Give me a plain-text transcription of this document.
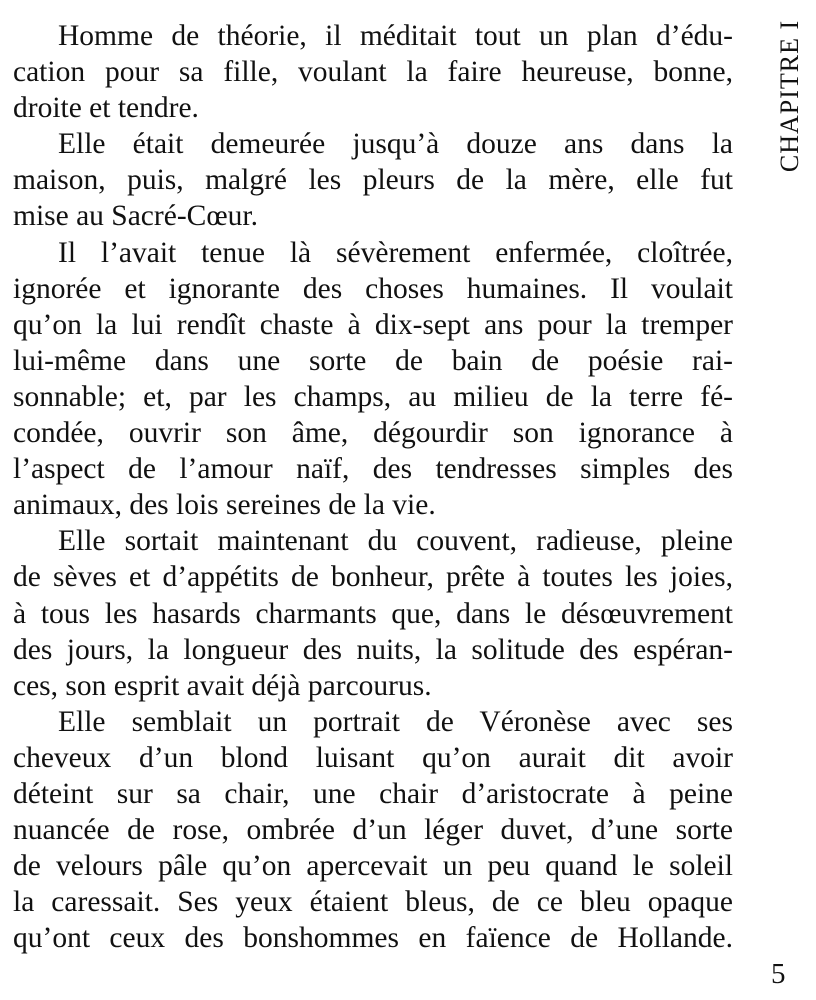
CHAPITRE I
Homme de théorie, il méditait tout un plan d’édu-
cation pour sa fille, voulant la faire heureuse, bonne,
droite et tendre.
Elle était demeurée jusqu’à douze ans dans la
maison, puis, malgré les pleurs de la mère, elle fut
mise au Sacré-Cœur.
Il l’avait tenue là sévèrement enfermée, cloîtrée,
ignorée et ignorante des choses humaines. Il voulait
qu’on la lui rendît chaste à dix-sept ans pour la tremper
lui-même dans une sorte de bain de poésie rai-
sonnable; et, par les champs, au milieu de la terre fé-
condée, ouvrir son âme, dégourdir son ignorance à
l’aspect de l’amour naïf, des tendresses simples des
animaux, des lois sereines de la vie.
Elle sortait maintenant du couvent, radieuse, pleine
de sèves et d’appétits de bonheur, prête à toutes les joies,
à tous les hasards charmants que, dans le désœuvrement
des jours, la longueur des nuits, la solitude des espéran-
ces, son esprit avait déjà parcourus.
Elle semblait un portrait de Véronèse avec ses
cheveux d’un blond luisant qu’on aurait dit avoir
déteint sur sa chair, une chair d’aristocrate à peine
nuancée de rose, ombrée d’un léger duvet, d’une sorte
de velours pâle qu’on apercevait un peu quand le soleil
la caressait. Ses yeux étaient bleus, de ce bleu opaque
qu’ont ceux des bonshommes en faïence de Hollande.
5
